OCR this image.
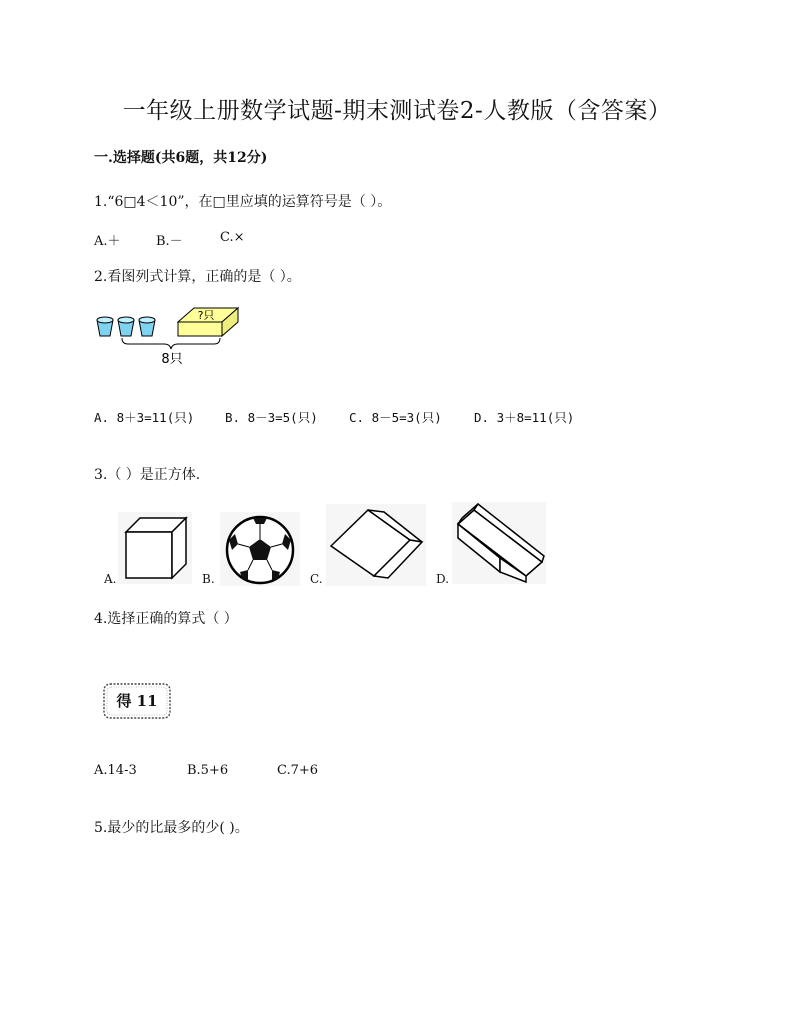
一年级上册数学试题-期末测试卷2-人教版（含答案）
一.选择题(共6题，共12分)
1.“6□4＜10”，在□里应填的运算符号是（ ）。
A.＋	B.－	C.×
2.看图列式计算，正确的是（ ）。
?只
8只
A. 8＋3=11(只)	B. 8－3=5(只)	C. 8－5=3(只)	D. 3＋8=11(只)
3.（ ）是正方体.
A.	B.	C.	D.
4.选择正确的算式（ ）
得 11
A.14-3	B.5+6	C.7+6
5.最少的比最多的少( )。
